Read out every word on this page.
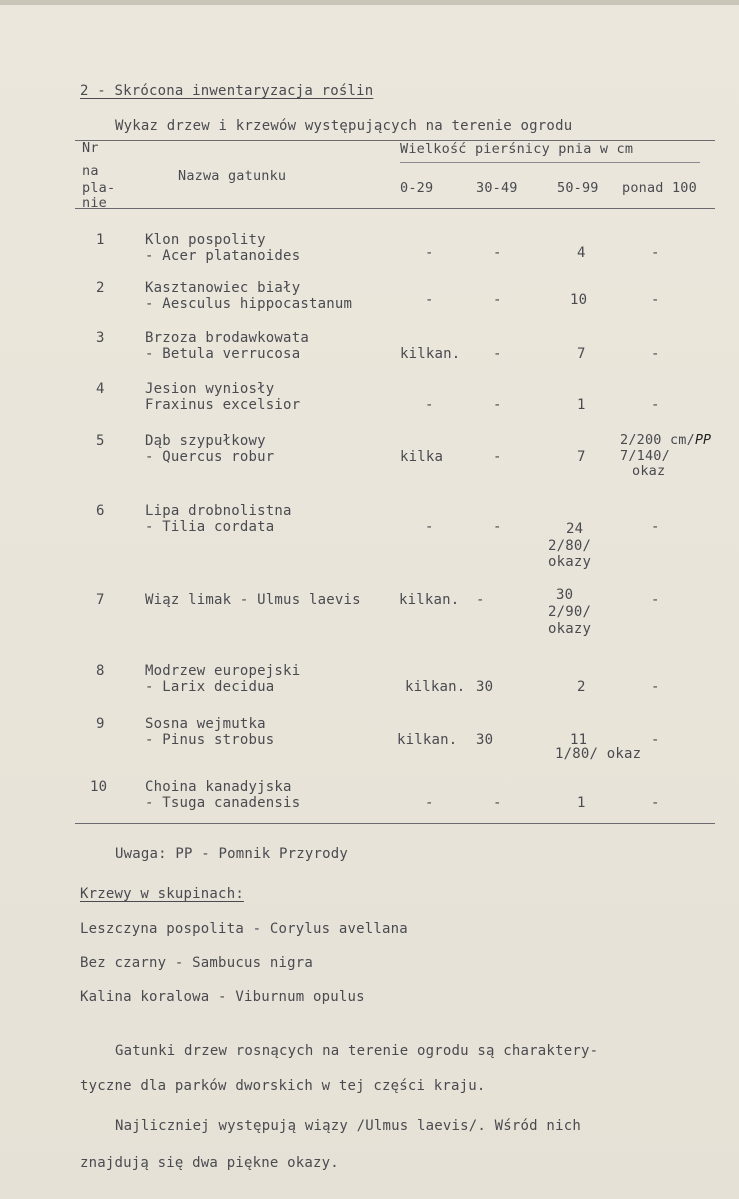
2 - Skrócona inwentaryzacja roślin
Wykaz drzew i krzewów występujących na terenie ogrodu
Nr
na
pla-
nie
Nazwa gatunku
Wielkość pierśnicy pnia w cm
0-29	30-49	50-99 ponad 100
1	Klon pospolity
- Acer platanoides	-	-	4	-
2	Kasztanowiec biały
- Aesculus hippocastanum	-	-	10	-
3	Brzoza brodawkowata
- Betula verrucosa	kilkan. -	7	-
4	Jesion wyniosły
Fraxinus excelsior	-	-	1	-
5	Dąb szypułkowy
- Quercus robur	kilka	-	7
2/200 cm/PP
7/140/
okaz
6	Lipa drobnolistna
- Tilia cordata	-	-	24
2/80/
okazy
-
7	Wiąz limak - Ulmus laevis	kilkan. -	30
2/90/
okazy
-
8	Modrzew europejski
- Larix decidua	kilkan. 30	2	-
9	Sosna wejmutka
- Pinus strobus	kilkan. 30	11
1/80/ okaz
-
10	Choina kanadyjska
- Tsuga canadensis	-	-	1	-
Uwaga: PP - Pomnik Przyrody
Krzewy w skupinach:
Leszczyna pospolita - Corylus avellana
Bez czarny - Sambucus nigra
Kalina koralowa - Viburnum opulus
Gatunki drzew rosnących na terenie ogrodu są charaktery-
tyczne dla parków dworskich w tej części kraju.
Najliczniej występują wiązy /Ulmus laevis/. Wśród nich
znajdują się dwa piękne okazy.
